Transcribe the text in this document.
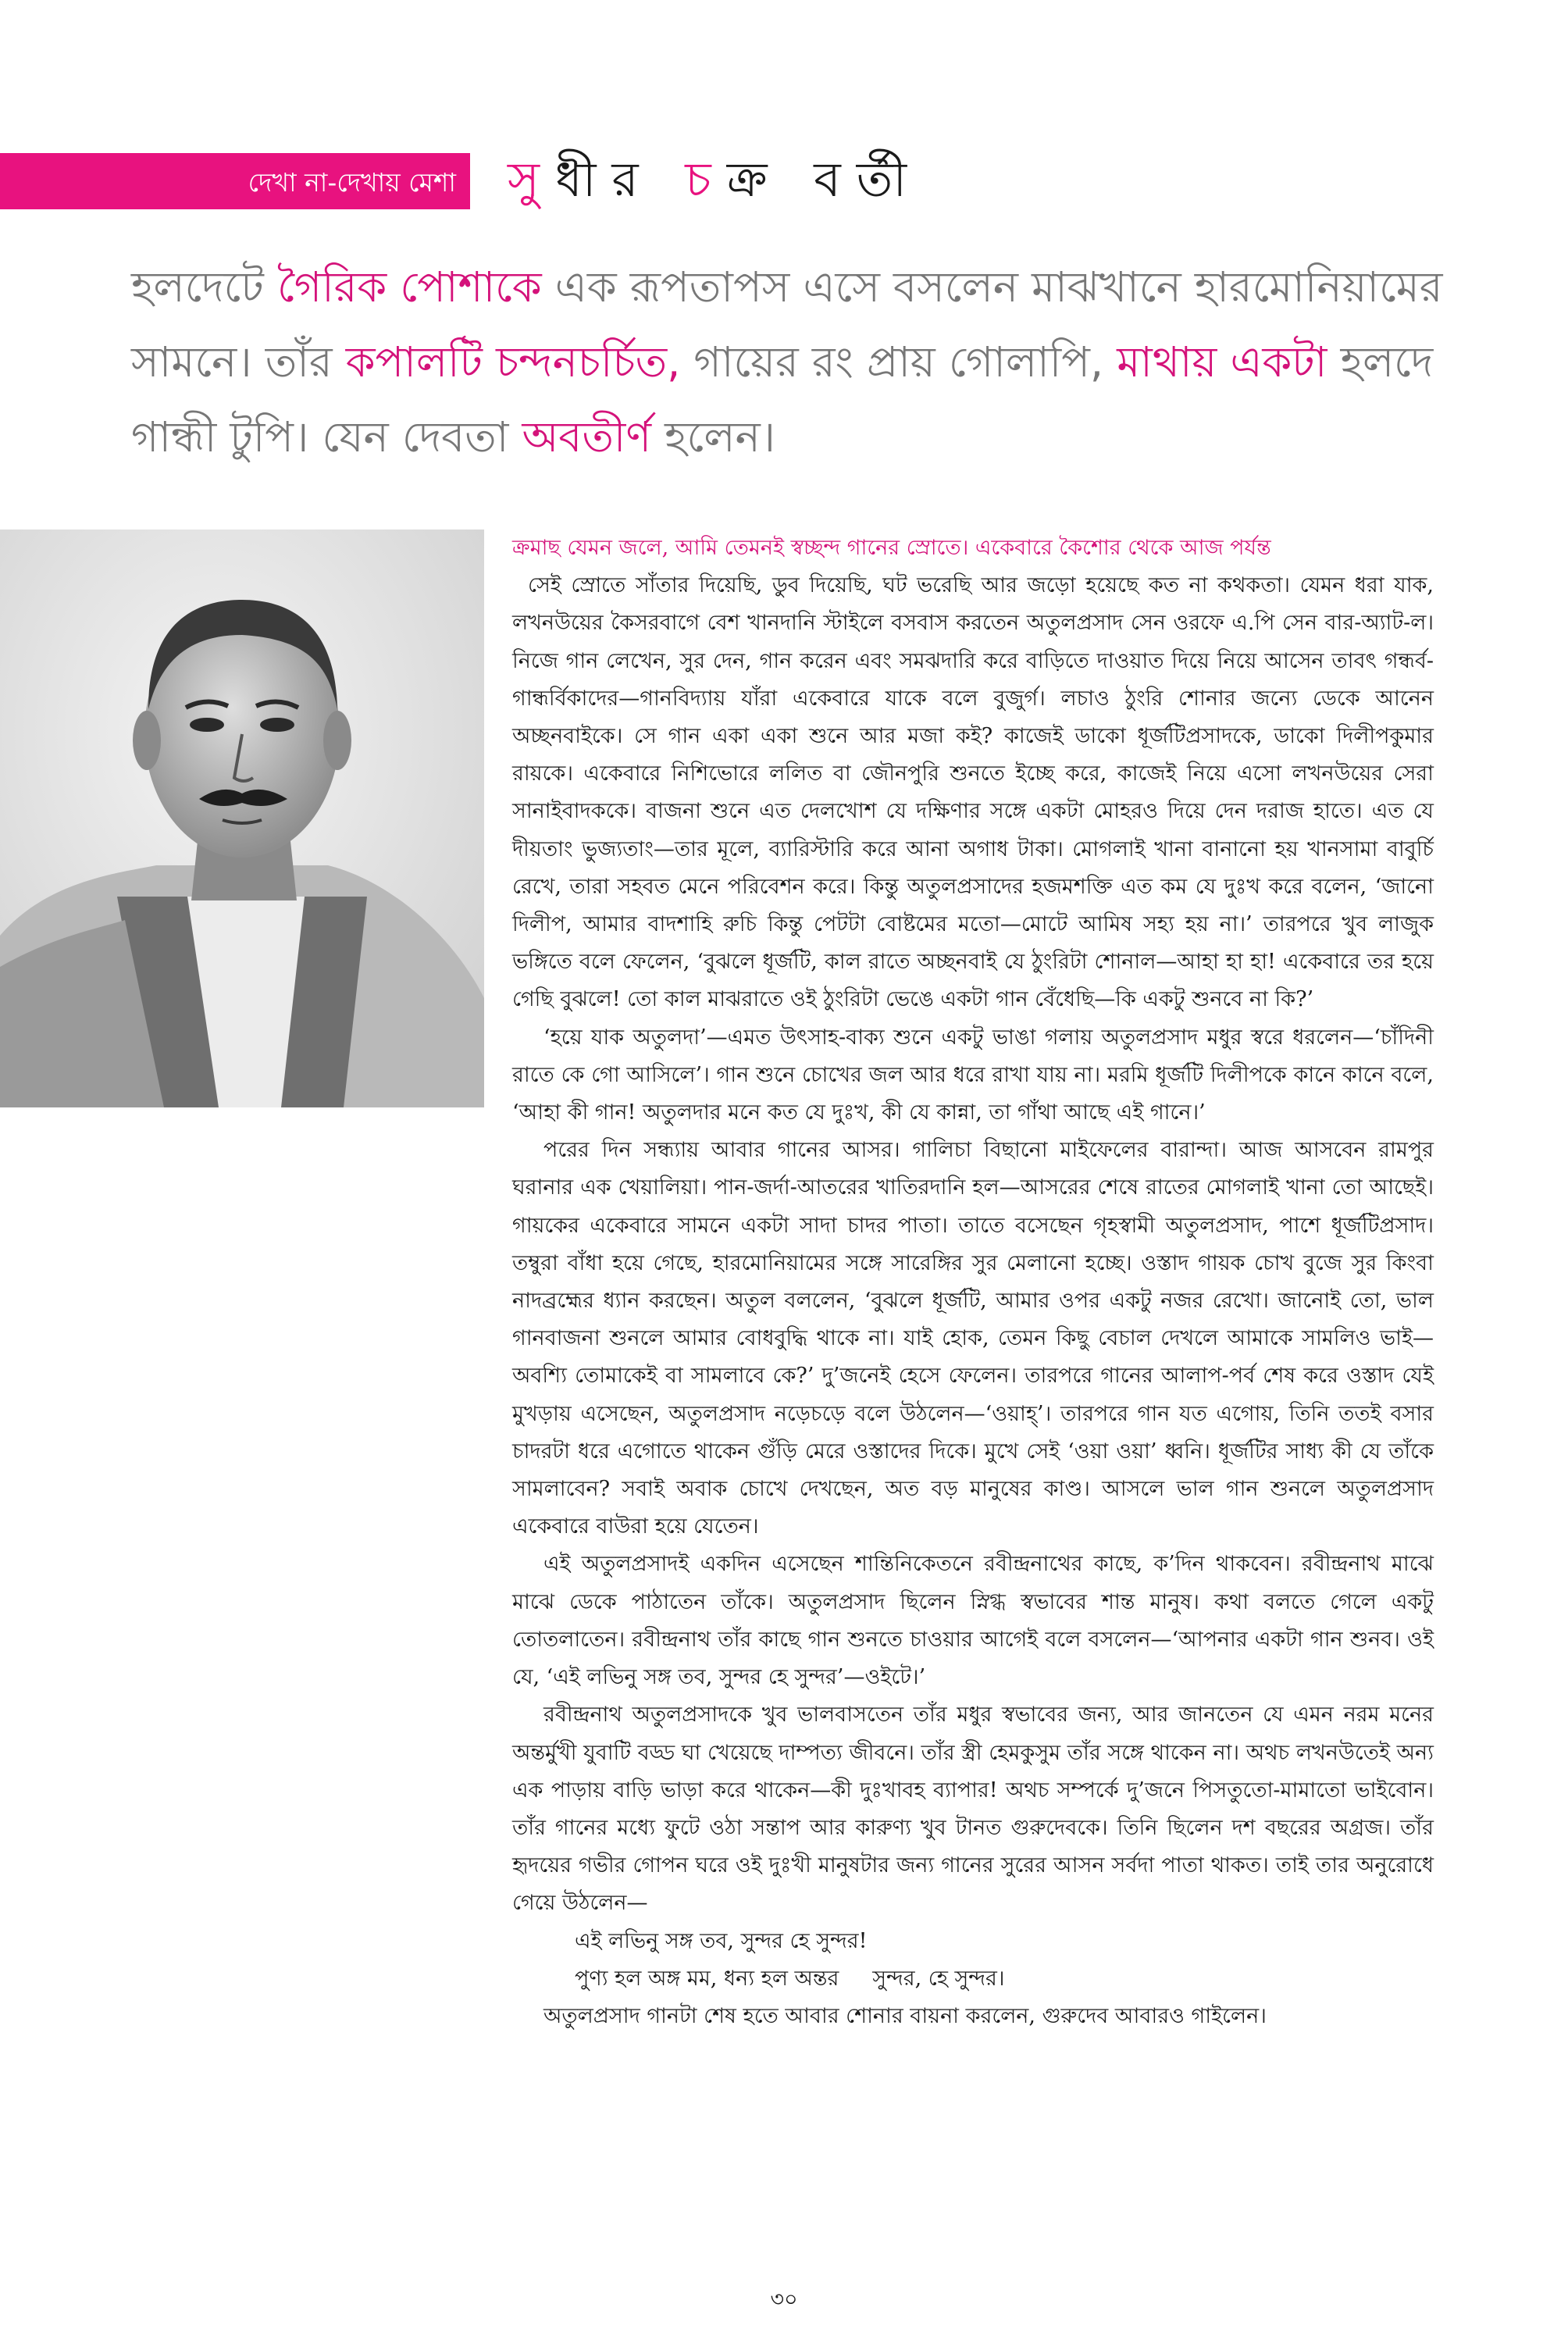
দেখা না-দেখায় মেশা সুধীর চক্র বর্তী

হলদেটে গৈরিক পোশাকে এক রূপতাপস এসে বসলেন মাঝখানে হারমোনিয়ামের সামনে। তাঁর কপালটি চন্দনচর্চিত, গায়ের রং প্রায় গোলাপি, মাথায় একটা হলদে গান্ধী টুপি। যেন দেবতা অবতীর্ণ হলেন।

ক্রমাছ যেমন জলে, আমি তেমনই স্বচ্ছন্দ গানের স্রোতে। একেবারে কৈশোর থেকে আজ পর্যন্ত

সেই স্রোতে সাঁতার দিয়েছি, ডুব দিয়েছি, ঘট ভরেছি আর জড়ো হয়েছে কত না কথকতা। যেমন ধরা যাক, লখনউয়ের কৈসরবাগে বেশ খানদানি স্টাইলে বসবাস করতেন অতুলপ্রসাদ সেন ওরফে এ.পি সেন বার-অ্যাট-ল। নিজে গান লেখেন, সুর দেন, গান করেন এবং সমঝদারি করে বাড়িতে দাওয়াত দিয়ে নিয়ে আসেন তাবৎ গন্ধর্ব-গান্ধর্বিকাদের—গানবিদ্যায় যাঁরা একেবারে যাকে বলে বুজুর্গ। লচাও ঠুংরি শোনার জন্যে ডেকে আনেন অচ্ছনবাইকে। সে গান একা একা শুনে আর মজা কই? কাজেই ডাকো ধূর্জটিপ্রসাদকে, ডাকো দিলীপকুমার রায়কে। একেবারে নিশিভোরে ললিত বা জৌনপুরি শুনতে ইচ্ছে করে, কাজেই নিয়ে এসো লখনউয়ের সেরা সানাইবাদককে। বাজনা শুনে এত দেলখোশ যে দক্ষিণার সঙ্গে একটা মোহরও দিয়ে দেন দরাজ হাতে। এত যে দীয়তাং ভুজ্যতাং—তার মূলে, ব্যারিস্টারি করে আনা অগাধ টাকা। মোগলাই খানা বানানো হয় খানসামা বাবুর্চি রেখে, তারা সহবত মেনে পরিবেশন করে। কিন্তু অতুলপ্রসাদের হজমশক্তি এত কম যে দুঃখ করে বলেন, ‘জানো দিলীপ, আমার বাদশাহি রুচি কিন্তু পেটটা বোষ্টমের মতো—মোটে আমিষ সহ্য হয় না।’ তারপরে খুব লাজুক ভঙ্গিতে বলে ফেলেন, ‘বুঝলে ধূর্জটি, কাল রাতে অচ্ছনবাই যে ঠুংরিটা শোনাল—আহা হা হা! একেবারে তর হয়ে গেছি বুঝলে! তো কাল মাঝরাতে ওই ঠুংরিটা ভেঙে একটা গান বেঁধেছি—কি একটু শুনবে না কি?’

‘হয়ে যাক অতুলদা’—এমত উৎসাহ-বাক্য শুনে একটু ভাঙা গলায় অতুলপ্রসাদ মধুর স্বরে ধরলেন—‘চাঁদিনী রাতে কে গো আসিলে’। গান শুনে চোখের জল আর ধরে রাখা যায় না। মরমি ধূর্জটি দিলীপকে কানে কানে বলে, ‘আহা কী গান! অতুলদার মনে কত যে দুঃখ, কী যে কান্না, তা গাঁথা আছে এই গানে।’

পরের দিন সন্ধ্যায় আবার গানের আসর। গালিচা বিছানো মাইফেলের বারান্দা। আজ আসবেন রামপুর ঘরানার এক খেয়ালিয়া। পান-জর্দা-আতরের খাতিরদানি হল—আসরের শেষে রাতের মোগলাই খানা তো আছেই। গায়কের একেবারে সামনে একটা সাদা চাদর পাতা। তাতে বসেছেন গৃহস্বামী অতুলপ্রসাদ, পাশে ধূর্জটিপ্রসাদ। তম্বুরা বাঁধা হয়ে গেছে, হারমোনিয়ামের সঙ্গে সারেঙ্গির সুর মেলানো হচ্ছে। ওস্তাদ গায়ক চোখ বুজে সুর কিংবা নাদব্রহ্মের ধ্যান করছেন। অতুল বললেন, ‘বুঝলে ধূর্জটি, আমার ওপর একটু নজর রেখো। জানোই তো, ভাল গানবাজনা শুনলে আমার বোধবুদ্ধি থাকে না। যাই হোক, তেমন কিছু বেচাল দেখলে আমাকে সামলিও ভাই—অবশ্যি তোমাকেই বা সামলাবে কে?’ দু’জনেই হেসে ফেলেন। তারপরে গানের আলাপ-পর্ব শেষ করে ওস্তাদ যেই মুখড়ায় এসেছেন, অতুলপ্রসাদ নড়েচড়ে বলে উঠলেন—‘ওয়াহ্’। তারপরে গান যত এগোয়, তিনি ততই বসার চাদরটা ধরে এগোতে থাকেন গুঁড়ি মেরে ওস্তাদের দিকে। মুখে সেই ‘ওয়া ওয়া’ ধ্বনি। ধূর্জটির সাধ্য কী যে তাঁকে সামলাবেন? সবাই অবাক চোখে দেখছেন, অত বড় মানুষের কাণ্ড। আসলে ভাল গান শুনলে অতুলপ্রসাদ একেবারে বাউরা হয়ে যেতেন।

এই অতুলপ্রসাদই একদিন এসেছেন শান্তিনিকেতনে রবীন্দ্রনাথের কাছে, ক’দিন থাকবেন। রবীন্দ্রনাথ মাঝে মাঝে ডেকে পাঠাতেন তাঁকে। অতুলপ্রসাদ ছিলেন স্নিগ্ধ স্বভাবের শান্ত মানুষ। কথা বলতে গেলে একটু তোতলাতেন। রবীন্দ্রনাথ তাঁর কাছে গান শুনতে চাওয়ার আগেই বলে বসলেন—‘আপনার একটা গান শুনব। ওই যে, ‘এই লভিনু সঙ্গ তব, সুন্দর হে সুন্দর’—ওইটে।’

রবীন্দ্রনাথ অতুলপ্রসাদকে খুব ভালবাসতেন তাঁর মধুর স্বভাবের জন্য, আর জানতেন যে এমন নরম মনের অন্তর্মুখী যুবাটি বড্ড ঘা খেয়েছে দাম্পত্য জীবনে। তাঁর স্ত্রী হেমকুসুম তাঁর সঙ্গে থাকেন না। অথচ লখনউতেই অন্য এক পাড়ায় বাড়ি ভাড়া করে থাকেন—কী দুঃখাবহ ব্যাপার! অথচ সম্পর্কে দু’জনে পিসতুতো-মামাতো ভাইবোন। তাঁর গানের মধ্যে ফুটে ওঠা সন্তাপ আর কারুণ্য খুব টানত গুরুদেবকে। তিনি ছিলেন দশ বছরের অগ্রজ। তাঁর হৃদয়ের গভীর গোপন ঘরে ওই দুঃখী মানুষটার জন্য গানের সুরের আসন সর্বদা পাতা থাকত। তাই তার অনুরোধে গেয়ে উঠলেন—

এই লভিনু সঙ্গ তব, সুন্দর হে সুন্দর!
পুণ্য হল অঙ্গ মম, ধন্য হল অন্তর     সুন্দর, হে সুন্দর।

অতুলপ্রসাদ গানটা শেষ হতে আবার শোনার বায়না করলেন, গুরুদেব আবারও গাইলেন।

৩০
